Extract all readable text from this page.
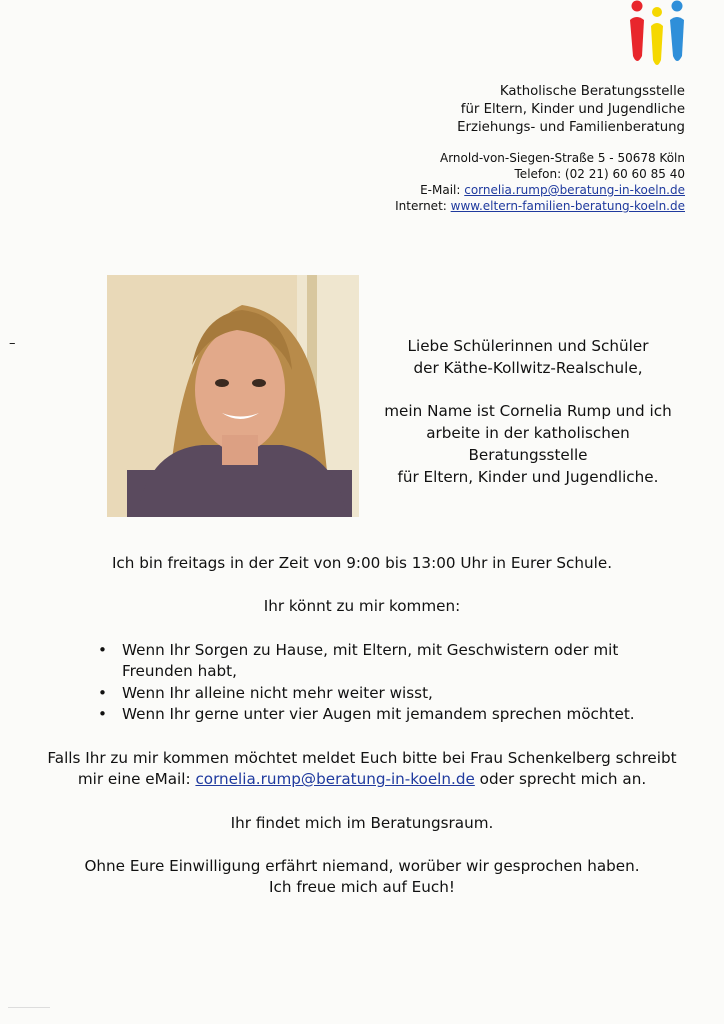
Katholische Beratungsstelle
für Eltern, Kinder und Jugendliche
Erziehungs- und Familienberatung
Arnold-von-Siegen-Straße 5 - 50678 Köln
Telefon: (02 21) 60 60 85 40
E-Mail: cornelia.rump@beratung-in-koeln.de
Internet: www.eltern-familien-beratung-koeln.de
–	Liebe Schülerinnen und Schüler

der Käthe-Kollwitz-Realschule,

mein Name ist Cornelia Rump und ich

arbeite in der katholischen Beratungsstelle

für Eltern, Kinder und Jugendliche.

Ich bin freitags in der Zeit von 9:00 bis 13:00 Uhr in Eurer Schule.

Ihr könnt zu mir kommen:

• Wenn Ihr Sorgen zu Hause, mit Eltern, mit Geschwistern oder mit Freunden habt,
• Wenn Ihr alleine nicht mehr weiter wisst,
• Wenn Ihr gerne unter vier Augen mit jemandem sprechen möchtet.

Falls Ihr zu mir kommen möchtet meldet Euch bitte bei Frau Schenkelberg schreibt

mir eine eMail: cornelia.rump@beratung-in-koeln.de oder sprecht mich an.

Ihr findet mich im Beratungsraum.

Ohne Eure Einwilligung erfährt niemand, worüber wir gesprochen haben.

Ich freue mich auf Euch!
